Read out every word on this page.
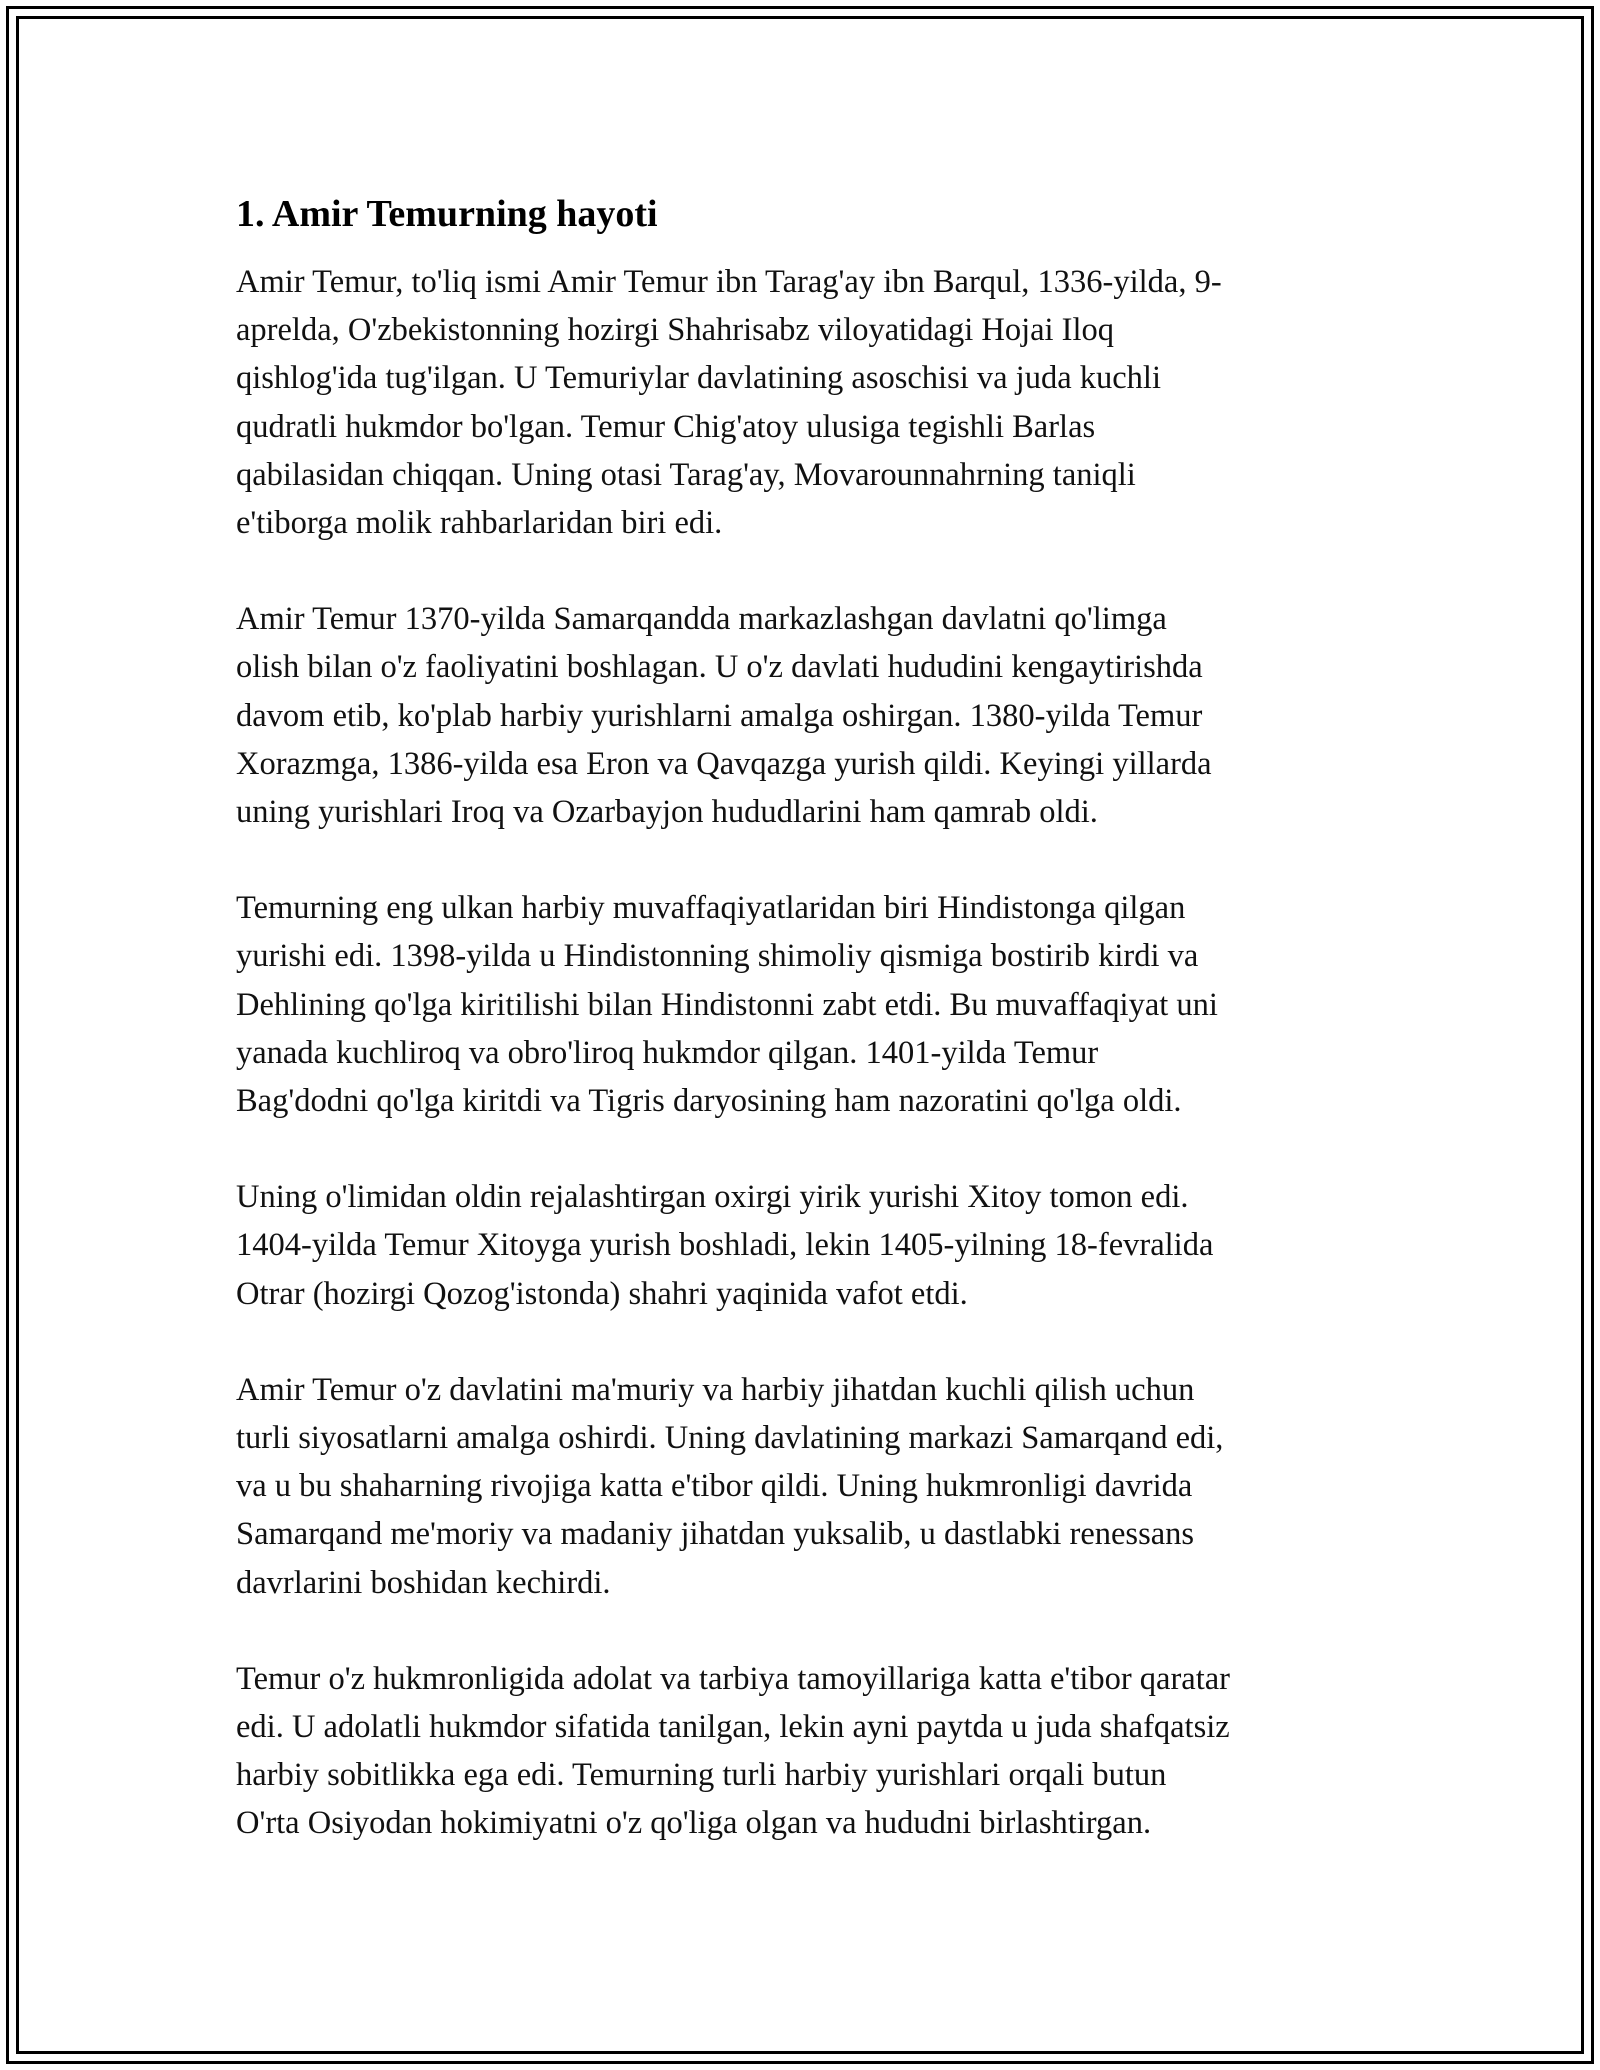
1. Amir Temurning hayoti

Amir Temur, to'liq ismi Amir Temur ibn Tarag'ay ibn Barqul, 1336-yilda, 9-
aprelda, O'zbekistonning hozirgi Shahrisabz viloyatidagi Hojai Iloq
qishlog'ida tug'ilgan. U Temuriylar davlatining asoschisi va juda kuchli
qudratli hukmdor bo'lgan. Temur Chig'atoy ulusiga tegishli Barlas
qabilasidan chiqqan. Uning otasi Tarag'ay, Movarounnahrning taniqli
e'tiborga molik rahbarlaridan biri edi.

Amir Temur 1370-yilda Samarqandda markazlashgan davlatni qo'limga
olish bilan o'z faoliyatini boshlagan. U o'z davlati hududini kengaytirishda
davom etib, ko'plab harbiy yurishlarni amalga oshirgan. 1380-yilda Temur
Xorazmga, 1386-yilda esa Eron va Qavqazga yurish qildi. Keyingi yillarda
uning yurishlari Iroq va Ozarbayjon hududlarini ham qamrab oldi.

Temurning eng ulkan harbiy muvaffaqiyatlaridan biri Hindistonga qilgan
yurishi edi. 1398-yilda u Hindistonning shimoliy qismiga bostirib kirdi va
Dehlining qo'lga kiritilishi bilan Hindistonni zabt etdi. Bu muvaffaqiyat uni
yanada kuchliroq va obro'liroq hukmdor qilgan. 1401-yilda Temur
Bag'dodni qo'lga kiritdi va Tigris daryosining ham nazoratini qo'lga oldi.

Uning o'limidan oldin rejalashtirgan oxirgi yirik yurishi Xitoy tomon edi.
1404-yilda Temur Xitoyga yurish boshladi, lekin 1405-yilning 18-fevralida
Otrar (hozirgi Qozog'istonda) shahri yaqinida vafot etdi.

Amir Temur o'z davlatini ma'muriy va harbiy jihatdan kuchli qilish uchun
turli siyosatlarni amalga oshirdi. Uning davlatining markazi Samarqand edi,
va u bu shaharning rivojiga katta e'tibor qildi. Uning hukmronligi davrida
Samarqand me'moriy va madaniy jihatdan yuksalib, u dastlabki renessans
davrlarini boshidan kechirdi.

Temur o'z hukmronligida adolat va tarbiya tamoyillariga katta e'tibor qaratar
edi. U adolatli hukmdor sifatida tanilgan, lekin ayni paytda u juda shafqatsiz
harbiy sobitlikka ega edi. Temurning turli harbiy yurishlari orqali butun
O'rta Osiyodan hokimiyatni o'z qo'liga olgan va hududni birlashtirgan.
